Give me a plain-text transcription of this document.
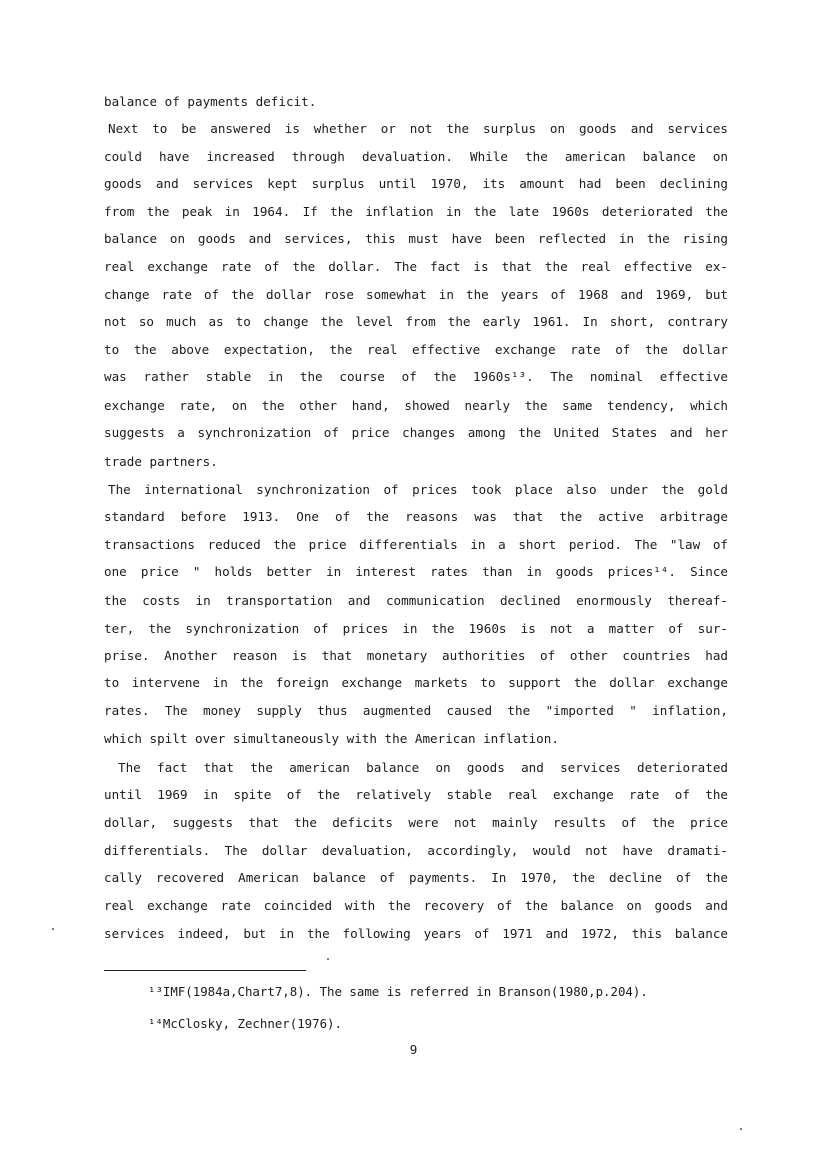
balance of payments deficit.
Next to be answered is whether or not the surplus on goods and services
could have increased through devaluation. While the american balance on
goods and services kept surplus until 1970, its amount had been declining
from the peak in 1964. If the inflation in the late 1960s deteriorated the
balance on goods and services, this must have been reflected in the rising
real exchange rate of the dollar. The fact is that the real effective ex-
change rate of the dollar rose somewhat in the years of 1968 and 1969, but
not so much as to change the level from the early 1961. In short, contrary
to the above expectation, the real effective exchange rate of the dollar
was rather stable in the course of the 1960s¹³. The nominal effective
exchange rate, on the other hand, showed nearly the same tendency, which
suggests a synchronization of price changes among the United States and her
trade partners.
The international synchronization of prices took place also under the gold
standard before 1913. One of the reasons was that the active arbitrage
transactions reduced the price differentials in a short period. The "law of
one price " holds better in interest rates than in goods prices¹⁴. Since
the costs in transportation and communication declined enormously thereaf-
ter, the synchronization of prices in the 1960s is not a matter of sur-
prise. Another reason is that monetary authorities of other countries had
to intervene in the foreign exchange markets to support the dollar exchange
rates. The money supply thus augmented caused the "imported " inflation,
which spilt over simultaneously with the American inflation.
The fact that the american balance on goods and services deteriorated
until 1969 in spite of the relatively stable real exchange rate of the
dollar, suggests that the deficits were not mainly results of the price
differentials. The dollar devaluation, accordingly, would not have dramati-
cally recovered American balance of payments. In 1970, the decline of the
real exchange rate coincided with the recovery of the balance on goods and
services indeed, but in the following years of 1971 and 1972, this balance
¹³IMF(1984a,Chart7,8). The same is referred in Branson(1980,p.204).
¹⁴McClosky, Zechner(1976).
9
